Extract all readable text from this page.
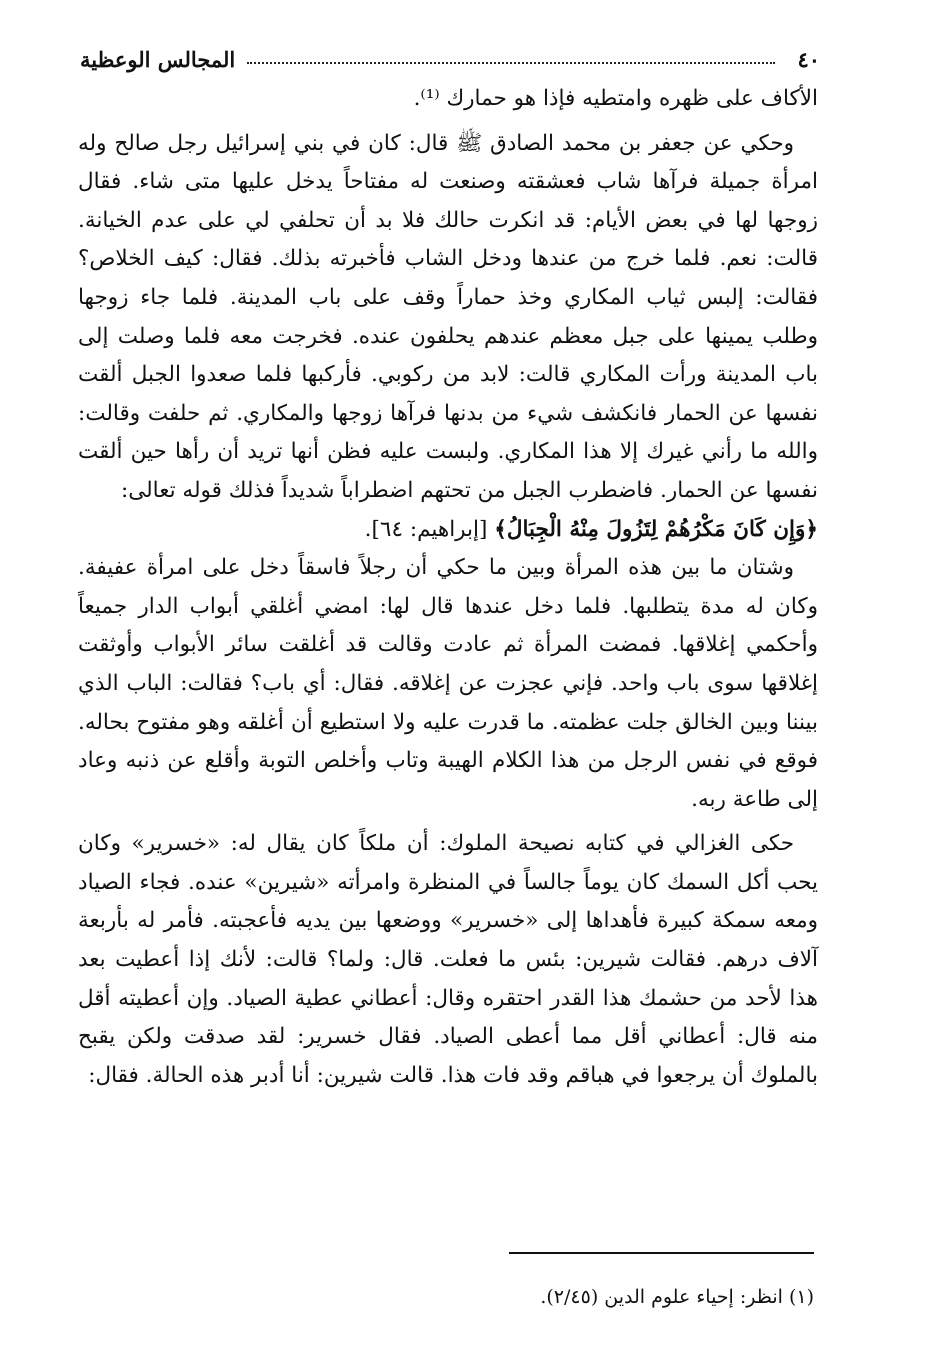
٤٠
المجالس الوعظية

الأكاف على ظهره وامتطيه فإذا هو حمارك ⁽¹⁾.

وحكي عن جعفر بن محمد الصادق ﷺ قال: كان في بني إسرائيل رجل صالح وله امرأة جميلة فرآها شاب فعشقته وصنعت له مفتاحاً يدخل عليها متى شاء. فقال زوجها لها في بعض الأيام: قد انكرت حالك فلا بد أن تحلفي لي على عدم الخيانة. قالت: نعم. فلما خرج من عندها ودخل الشاب فأخبرته بذلك. فقال: كيف الخلاص؟ فقالت: إلبس ثياب المكاري وخذ حماراً وقف على باب المدينة. فلما جاء زوجها وطلب يمينها على جبل معظم عندهم يحلفون عنده. فخرجت معه فلما وصلت إلى باب المدينة ورأت المكاري قالت: لابد من ركوبي. فأركبها فلما صعدوا الجبل ألقت نفسها عن الحمار فانكشف شيء من بدنها فرآها زوجها والمكاري. ثم حلفت وقالت: والله ما رأني غيرك إلا هذا المكاري. ولبست عليه فظن أنها تريد أن رأها حين ألقت نفسها عن الحمار. فاضطرب الجبل من تحتهم اضطراباً شديداً فذلك قوله تعالى:
﴿وَإِن كَانَ مَكْرُهُمْ لِتَزُولَ مِنْهُ الْجِبَالُ﴾ [إبراهيم: ٦٤].

وشتان ما بين هذه المرأة وبين ما حكي أن رجلاً فاسقاً دخل على امرأة عفيفة. وكان له مدة يتطلبها. فلما دخل عندها قال لها: امضي أغلقي أبواب الدار جميعاً وأحكمي إغلاقها. فمضت المرأة ثم عادت وقالت قد أغلقت سائر الأبواب وأوثقت إغلاقها سوى باب واحد. فإني عجزت عن إغلاقه. فقال: أي باب؟ فقالت: الباب الذي بيننا وبين الخالق جلت عظمته. ما قدرت عليه ولا استطيع أن أغلقه وهو مفتوح بحاله. فوقع في نفس الرجل من هذا الكلام الهيبة وتاب وأخلص التوبة وأقلع عن ذنبه وعاد إلى طاعة ربه.

حكى الغزالي في كتابه نصيحة الملوك: أن ملكاً كان يقال له: «خسرير» وكان يحب أكل السمك كان يوماً جالساً في المنظرة وامرأته «شيرين» عنده. فجاء الصياد ومعه سمكة كبيرة فأهداها إلى «خسرير» ووضعها بين يديه فأعجبته. فأمر له بأربعة آلاف درهم. فقالت شيرين: بئس ما فعلت. قال: ولما؟ قالت: لأنك إذا أعطيت بعد هذا لأحد من حشمك هذا القدر احتقره وقال: أعطاني عطية الصياد. وإن أعطيته أقل منه قال: أعطاني أقل مما أعطى الصياد. فقال خسرير: لقد صدقت ولكن يقبح بالملوك أن يرجعوا في هباقم وقد فات هذا. قالت شيرين: أنا أدبر هذه الحالة. فقال:

(١) انظر: إحياء علوم الدين (٢/٤٥).
